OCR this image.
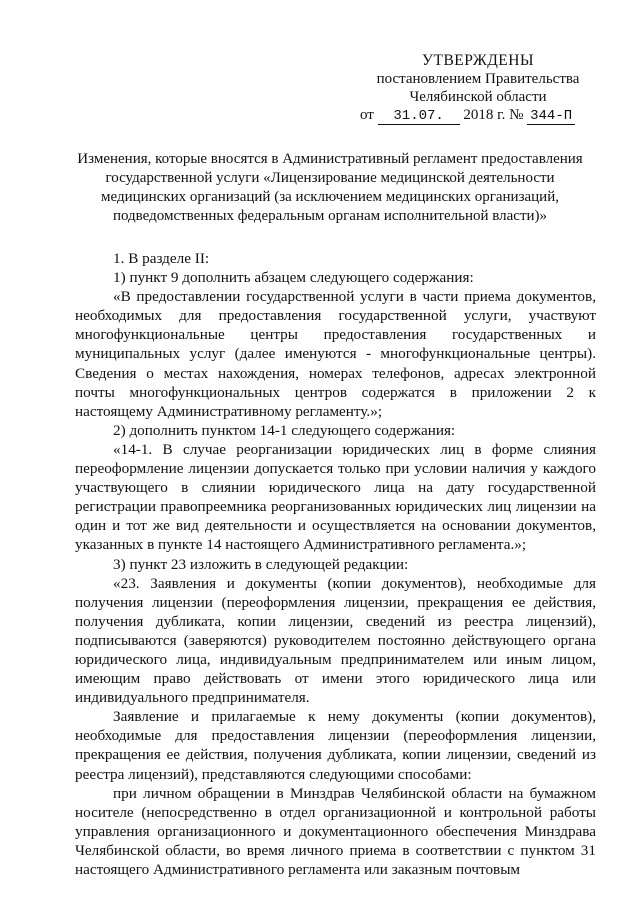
УТВЕРЖДЕНЫ
постановлением Правительства
Челябинской области
от 31.07. 2018 г. № 344-П
Изменения, которые вносятся в Административный регламент предоставления
государственной услуги «Лицензирование медицинской деятельности
медицинских организаций (за исключением медицинских организаций,
подведомственных федеральным органам исполнительной власти)»

1. В разделе II:

1) пункт 9 дополнить абзацем следующего содержания:

«В предоставлении государственной услуги в части приема документов, необходимых для предоставления государственной услуги, участвуют многофункциональные центры предоставления государственных и муниципальных услуг (далее именуются - многофункциональные центры). Сведения о местах нахождения, номерах телефонов, адресах электронной почты многофункциональных центров содержатся в приложении 2 к настоящему Административному регламенту.»;

2) дополнить пунктом 14-1 следующего содержания:

«14-1. В случае реорганизации юридических лиц в форме слияния переоформление лицензии допускается только при условии наличия у каждого участвующего в слиянии юридического лица на дату государственной регистрации правопреемника реорганизованных юридических лиц лицензии на один и тот же вид деятельности и осуществляется на основании документов, указанных в пункте 14 настоящего Административного регламента.»;

3) пункт 23 изложить в следующей редакции:

«23. Заявления и документы (копии документов), необходимые для получения лицензии (переоформления лицензии, прекращения ее действия, получения дубликата, копии лицензии, сведений из реестра лицензий), подписываются (заверяются) руководителем постоянно действующего органа юридического лица, индивидуальным предпринимателем или иным лицом, имеющим право действовать от имени этого юридического лица или индивидуального предпринимателя.

Заявление и прилагаемые к нему документы (копии документов), необходимые для предоставления лицензии (переоформления лицензии, прекращения ее действия, получения дубликата, копии лицензии, сведений из реестра лицензий), представляются следующими способами:

при личном обращении в Минздрав Челябинской области на бумажном носителе (непосредственно в отдел организационной и контрольной работы управления организационного и документационного обеспечения Минздрава Челябинской области, во время личного приема в соответствии с пунктом 31 настоящего Административного регламента или заказным почтовым
